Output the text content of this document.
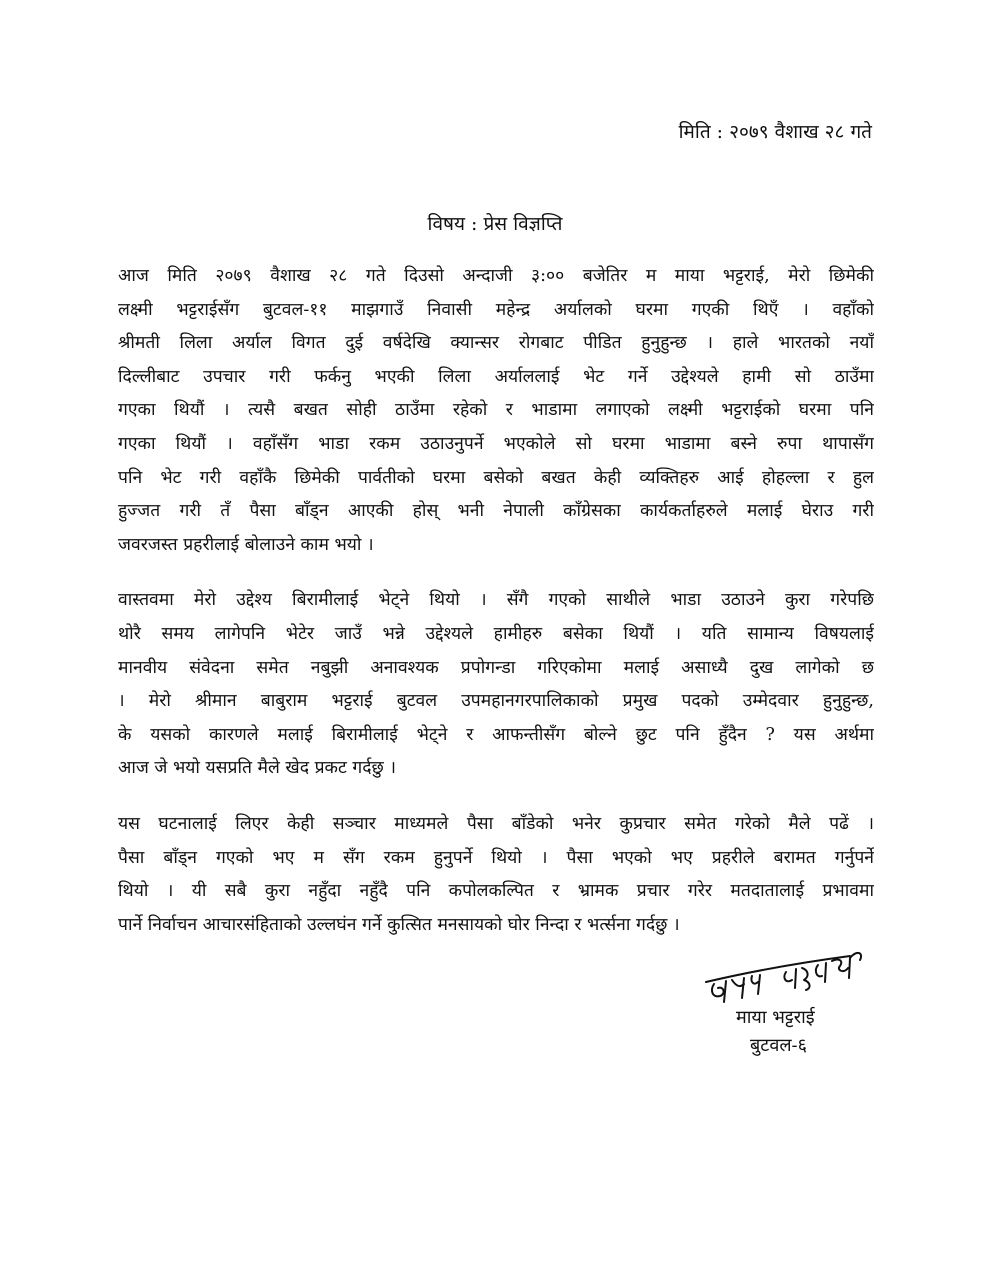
मिति : २०७९ वैशाख २८ गते
विषय : प्रेस विज्ञप्ति
आज मिति २०७९ वैशाख २८ गते दिउसो अन्दाजी ३:०० बजेतिर म माया भट्टराई, मेरो छिमेकी
लक्ष्मी भट्टराईसँग बुटवल-११ माझगाउँ निवासी महेन्द्र अर्यालको घरमा गएकी थिएँ । वहाँको
श्रीमती लिला अर्याल विगत दुई वर्षदेखि क्यान्सर रोगबाट पीडित हुनुहुन्छ । हाले भारतको नयाँ
दिल्लीबाट उपचार गरी फर्कनु भएकी लिला अर्याललाई भेट गर्ने उद्देश्यले हामी सो ठाउँमा
गएका थियौं । त्यसै बखत सोही ठाउँमा रहेको र भाडामा लगाएको लक्ष्मी भट्टराईको घरमा पनि
गएका थियौं । वहाँसँग भाडा रकम उठाउनुपर्ने भएकोले सो घरमा भाडामा बस्ने रुपा थापासँग
पनि भेट गरी वहाँकै छिमेकी पार्वतीको घरमा बसेको बखत केही व्यक्तिहरु आई होहल्ला र हुल
हुज्जत गरी तँ पैसा बाँड्न आएकी होस् भनी नेपाली काँग्रेसका कार्यकर्ताहरुले मलाई घेराउ गरी
जवरजस्त प्रहरीलाई बोलाउने काम भयो ।
वास्तवमा मेरो उद्देश्य बिरामीलाई भेट्ने थियो । सँगै गएको साथीले भाडा उठाउने कुरा गरेपछि
थोरै समय लागेपनि भेटेर जाउँ भन्ने उद्देश्यले हामीहरु बसेका थियौं । यति सामान्य विषयलाई
मानवीय संवेदना समेत नबुझी अनावश्यक प्रपोगन्डा गरिएकोमा मलाई असाध्यै दुख लागेको छ
। मेरो श्रीमान बाबुराम भट्टराई बुटवल उपमहानगरपालिकाको प्रमुख पदको उम्मेदवार हुनुहुन्छ,
के यसको कारणले मलाई बिरामीलाई भेट्ने र आफन्तीसँग बोल्ने छुट पनि हुँदैन ? यस अर्थमा
आज जे भयो यसप्रति मैले खेद प्रकट गर्दछु ।
यस घटनालाई लिएर केही सञ्चार माध्यमले पैसा बाँडेको भनेर कुप्रचार समेत गरेको मैले पढें ।
पैसा बाँड्न गएको भए म सँग रकम हुनुपर्ने थियो । पैसा भएको भए प्रहरीले बरामत गर्नुपर्ने
थियो । यी सबै कुरा नहुँदा नहुँदै पनि कपोलकल्पित र भ्रामक प्रचार गरेर मतदातालाई प्रभावमा
पार्ने निर्वाचन आचारसंहिताको उल्लघंन गर्ने कुत्सित मनसायको घोर निन्दा र भर्त्सना गर्दछु ।
माया भट्टराई
बुटवल-६
